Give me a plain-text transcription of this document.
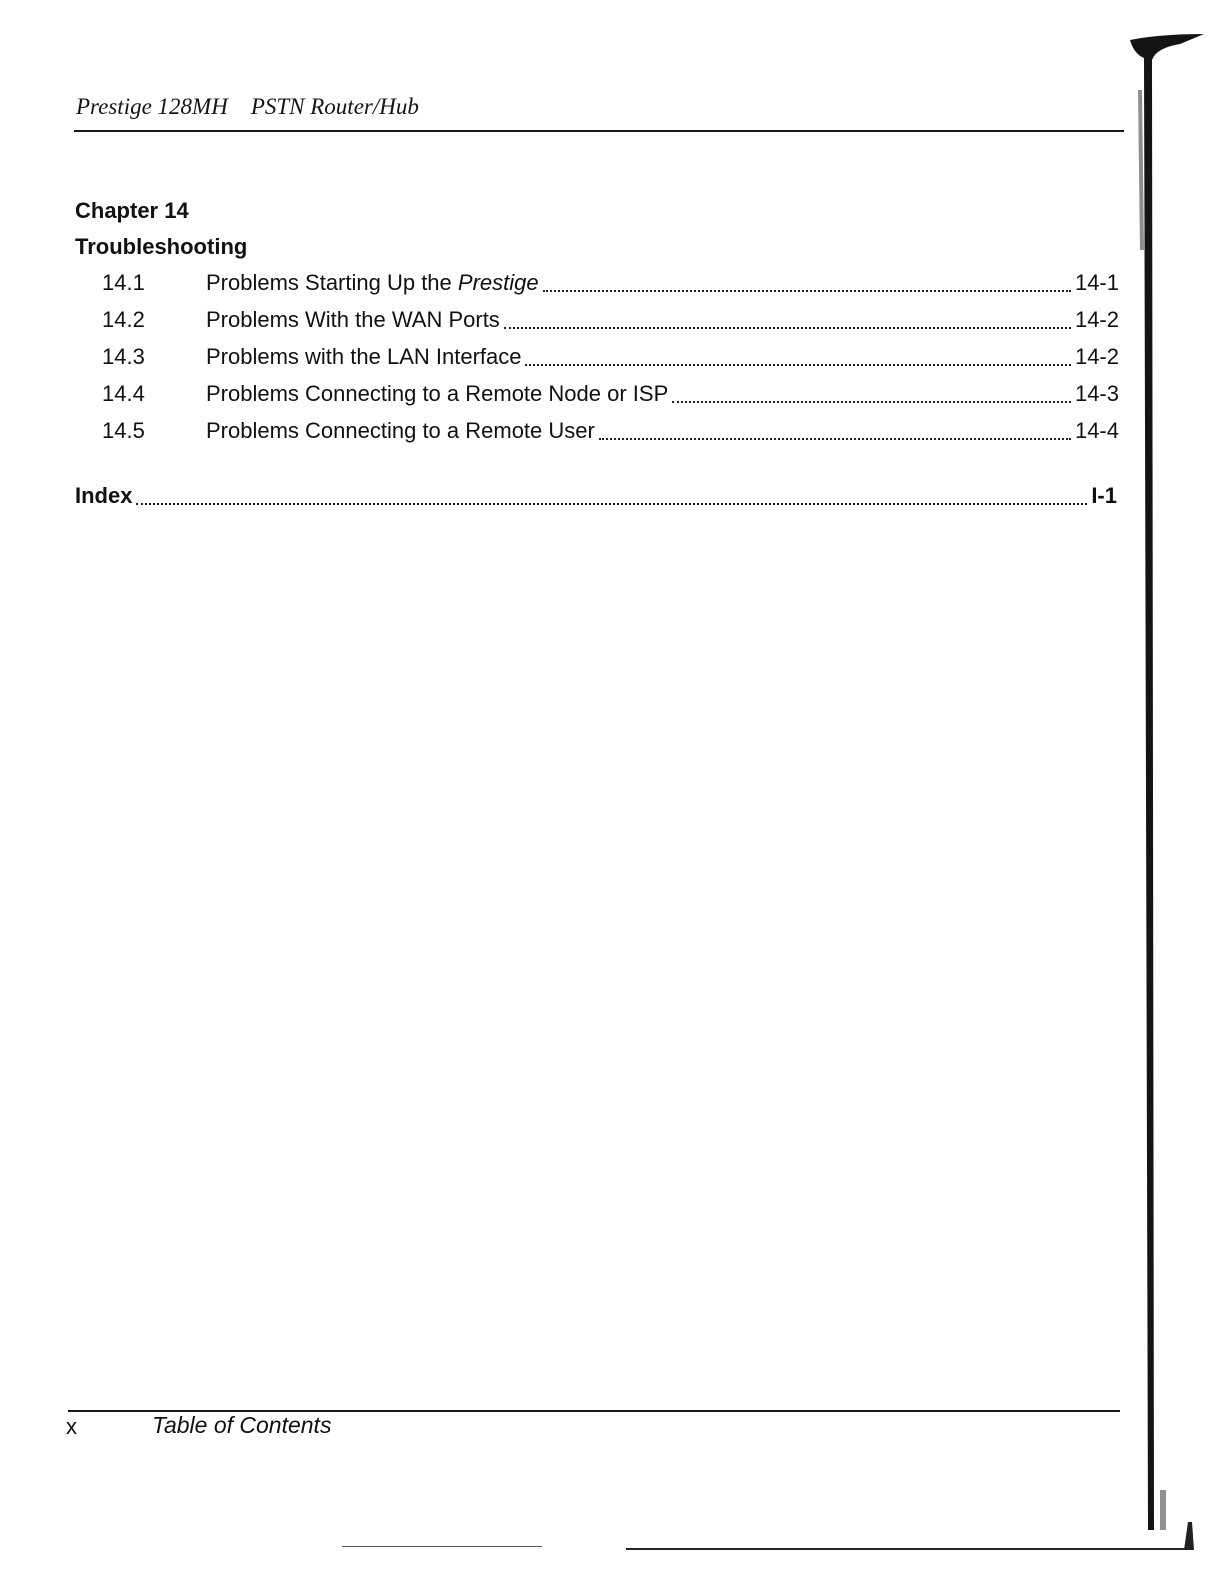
Prestige 128MH PSTN Router/Hub
Chapter 14
Troubleshooting
14.1	Problems Starting Up the Prestige	14-1
14.2	Problems With the WAN Ports	14-2
14.3	Problems with the LAN Interface	14-2
14.4	Problems Connecting to a Remote Node or ISP	14-3
14.5	Problems Connecting to a Remote User	14-4
Index	I-1
x	Table of Contents
